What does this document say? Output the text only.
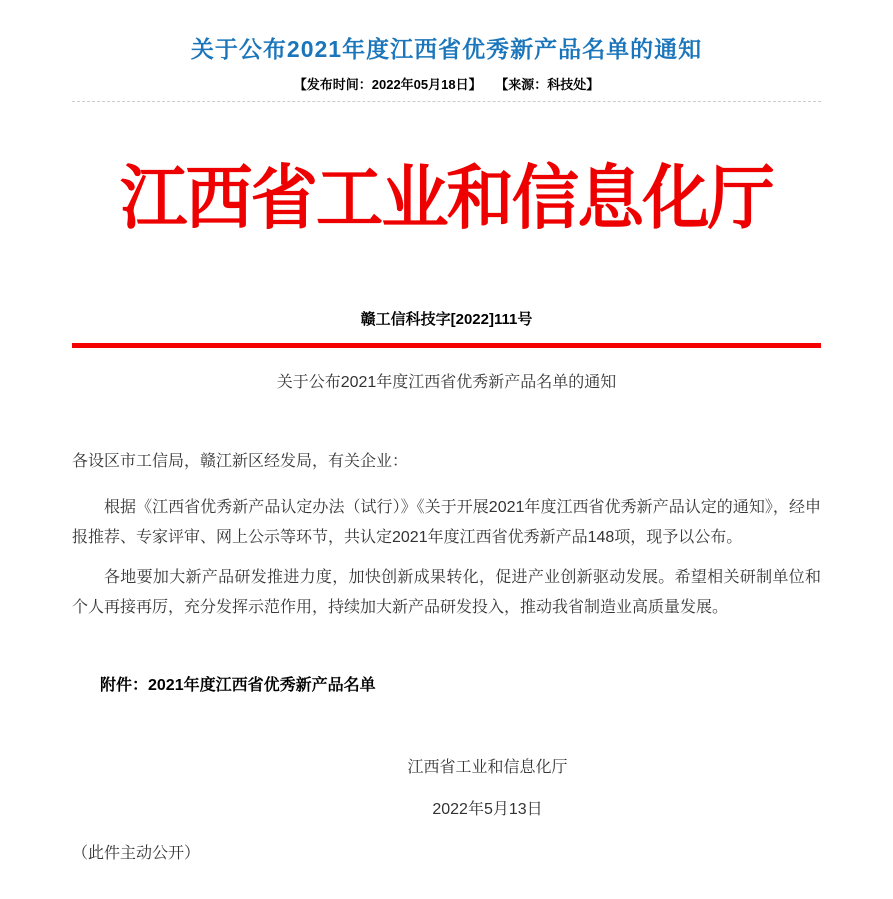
关于公布2021年度江西省优秀新产品名单的通知
【发布时间：2022年05月18日】 【来源：科技处】
江西省工业和信息化厅
赣工信科技字[2022]111号
关于公布2021年度江西省优秀新产品名单的通知
各设区市工信局，赣江新区经发局，有关企业：
根据《江西省优秀新产品认定办法（试行）》《关于开展2021年度江西省优秀新产品认定的通知》，经申报推荐、专家评审、网上公示等环节，共认定2021年度江西省优秀新产品148项，现予以公布。
各地要加大新产品研发推进力度，加快创新成果转化，促进产业创新驱动发展。希望相关研制单位和个人再接再厉，充分发挥示范作用，持续加大新产品研发投入，推动我省制造业高质量发展。
附件：2021年度江西省优秀新产品名单
江西省工业和信息化厅
2022年5月13日
（此件主动公开）
